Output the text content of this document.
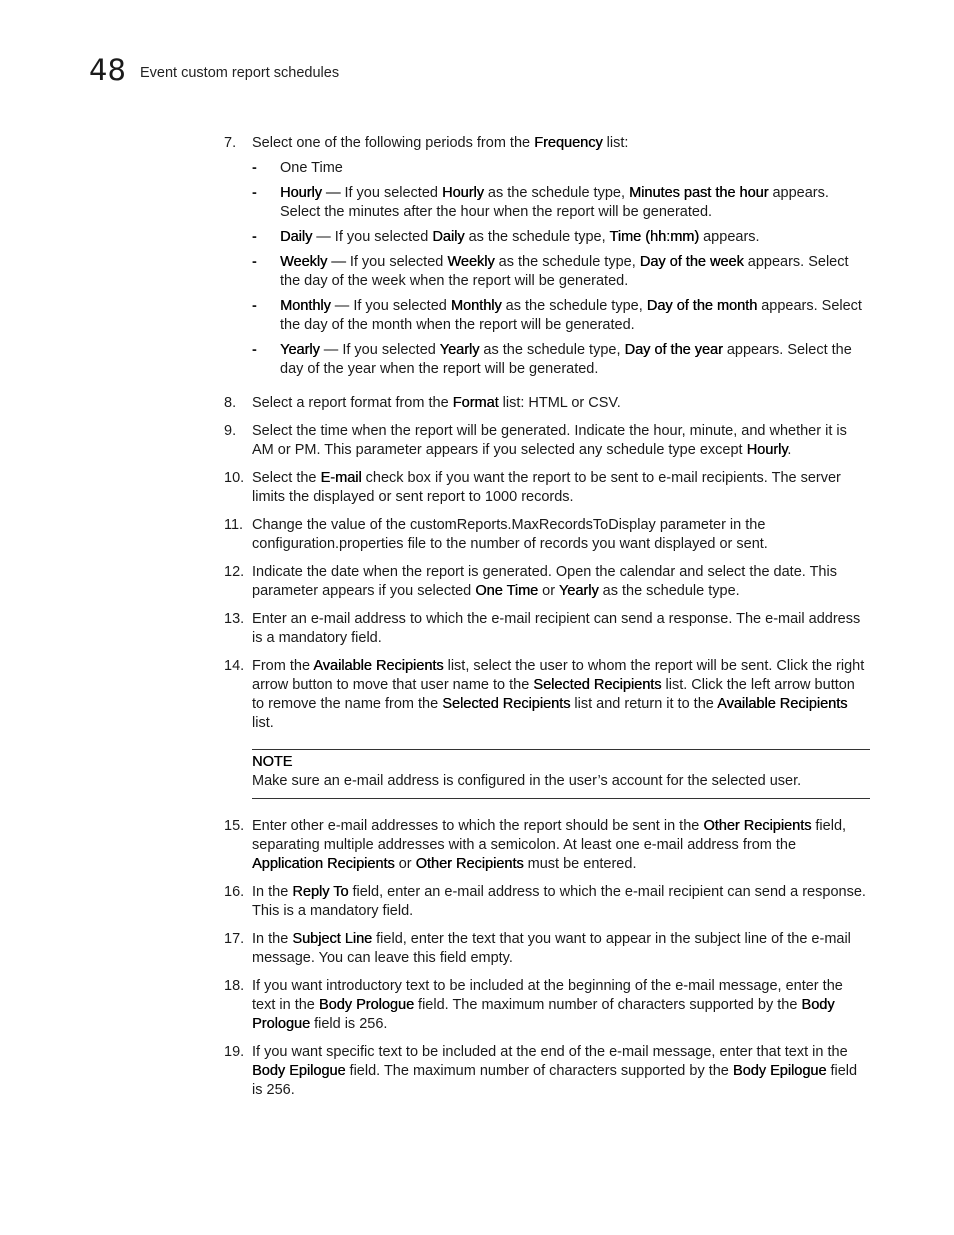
48 Event custom report schedules
7.	Select one of the following periods from the Frequency list:
-	One Time
-	Hourly — If you selected Hourly as the schedule type, Minutes past the hour appears. Select the minutes after the hour when the report will be generated.
-	Daily — If you selected Daily as the schedule type, Time (hh:mm) appears.
-	Weekly — If you selected Weekly as the schedule type, Day of the week appears. Select the day of the week when the report will be generated.
-	Monthly — If you selected Monthly as the schedule type, Day of the month appears. Select the day of the month when the report will be generated.
-	Yearly — If you selected Yearly as the schedule type, Day of the year appears. Select the day of the year when the report will be generated.
8.	Select a report format from the Format list: HTML or CSV.
9.	Select the time when the report will be generated. Indicate the hour, minute, and whether it is AM or PM. This parameter appears if you selected any schedule type except Hourly.
10. Select the E-mail check box if you want the report to be sent to e-mail recipients. The server limits the displayed or sent report to 1000 records.
11. Change the value of the customReports.MaxRecordsToDisplay parameter in the configuration.properties file to the number of records you want displayed or sent.
12. Indicate the date when the report is generated. Open the calendar and select the date. This parameter appears if you selected One Time or Yearly as the schedule type.
13. Enter an e-mail address to which the e-mail recipient can send a response. The e-mail address is a mandatory field.
14. From the Available Recipients list, select the user to whom the report will be sent. Click the right arrow button to move that user name to the Selected Recipients list. Click the left arrow button to remove the name from the Selected Recipients list and return it to the Available Recipients list.
NOTE
Make sure an e-mail address is configured in the user’s account for the selected user.
15. Enter other e-mail addresses to which the report should be sent in the Other Recipients field, separating multiple addresses with a semicolon. At least one e-mail address from the Application Recipients or Other Recipients must be entered.
16. In the Reply To field, enter an e-mail address to which the e-mail recipient can send a response. This is a mandatory field.
17. In the Subject Line field, enter the text that you want to appear in the subject line of the e-mail message. You can leave this field empty.
18. If you want introductory text to be included at the beginning of the e-mail message, enter the text in the Body Prologue field. The maximum number of characters supported by the Body Prologue field is 256.
19. If you want specific text to be included at the end of the e-mail message, enter that text in the Body Epilogue field. The maximum number of characters supported by the Body Epilogue field is 256.
